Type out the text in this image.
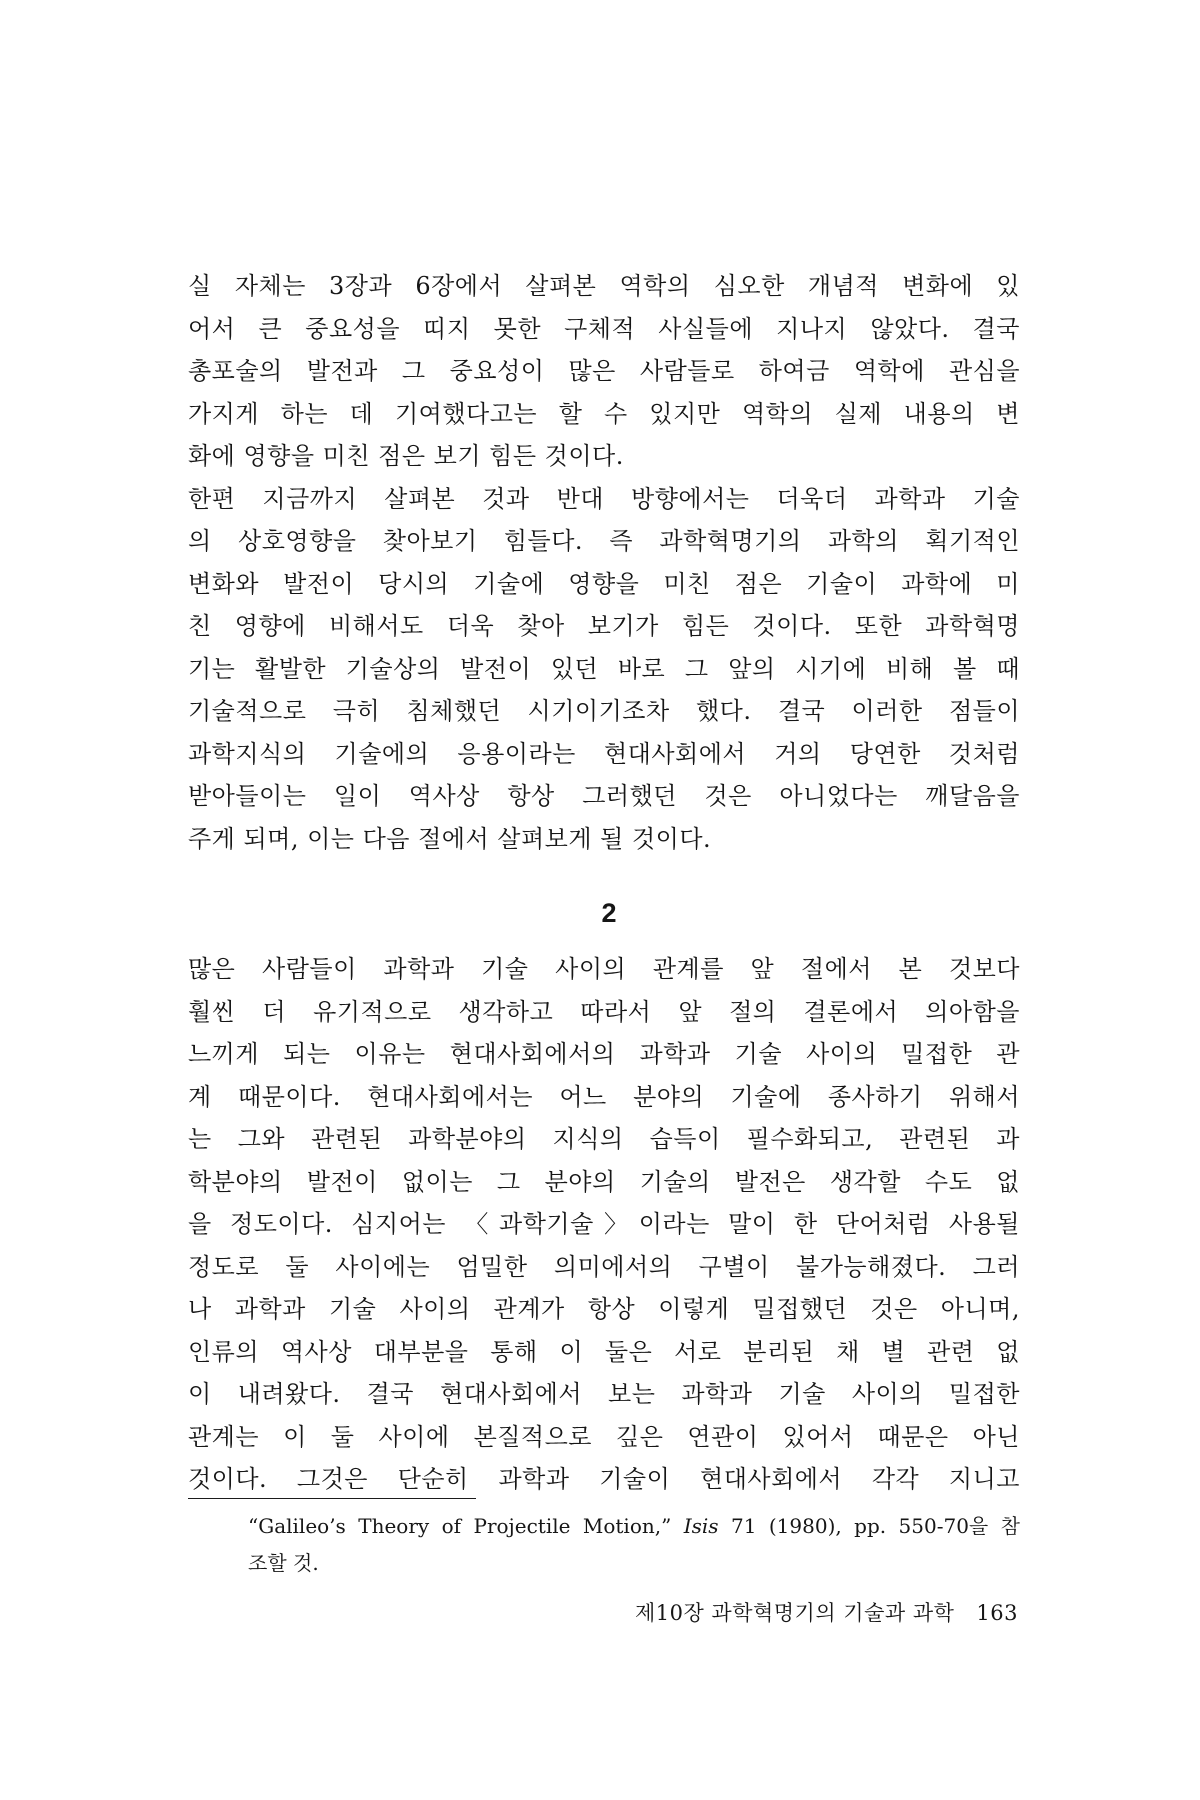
실 자체는 3장과 6장에서 살펴본 역학의 심오한 개념적 변화에 있
어서 큰 중요성을 띠지 못한 구체적 사실들에 지나지 않았다. 결국
총포술의 발전과 그 중요성이 많은 사람들로 하여금 역학에 관심을
가지게 하는 데 기여했다고는 할 수 있지만 역학의 실제 내용의 변
화에 영향을 미친 점은 보기 힘든 것이다.
한편 지금까지 살펴본 것과 반대 방향에서는 더욱더 과학과 기술
의 상호영향을 찾아보기 힘들다. 즉 과학혁명기의 과학의 획기적인
변화와 발전이 당시의 기술에 영향을 미친 점은 기술이 과학에 미
친 영향에 비해서도 더욱 찾아 보기가 힘든 것이다. 또한 과학혁명
기는 활발한 기술상의 발전이 있던 바로 그 앞의 시기에 비해 볼 때
기술적으로 극히 침체했던 시기이기조차 했다. 결국 이러한 점들이
과학지식의 기술에의 응용이라는 현대사회에서 거의 당연한 것처럼
받아들이는 일이 역사상 항상 그러했던 것은 아니었다는 깨달음을
주게 되며, 이는 다음 절에서 살펴보게 될 것이다.
2
많은 사람들이 과학과 기술 사이의 관계를 앞 절에서 본 것보다
훨씬 더 유기적으로 생각하고 따라서 앞 절의 결론에서 의아함을
느끼게 되는 이유는 현대사회에서의 과학과 기술 사이의 밀접한 관
계 때문이다. 현대사회에서는 어느 분야의 기술에 종사하기 위해서
는 그와 관련된 과학분야의 지식의 습득이 필수화되고, 관련된 과
학분야의 발전이 없이는 그 분야의 기술의 발전은 생각할 수도 없
을 정도이다. 심지어는 〈과학기술〉이라는 말이 한 단어처럼 사용될
정도로 둘 사이에는 엄밀한 의미에서의 구별이 불가능해졌다. 그러
나 과학과 기술 사이의 관계가 항상 이렇게 밀접했던 것은 아니며,
인류의 역사상 대부분을 통해 이 둘은 서로 분리된 채 별 관련 없
이 내려왔다. 결국 현대사회에서 보는 과학과 기술 사이의 밀접한
관계는 이 둘 사이에 본질적으로 깊은 연관이 있어서 때문은 아닌
것이다. 그것은 단순히 과학과 기술이 현대사회에서 각각 지니고
“Galileo’s Theory of Projectile Motion,” Isis 71 (1980), pp. 550-70을 참
조할 것.
제10장 과학혁명기의 기술과 과학 163
